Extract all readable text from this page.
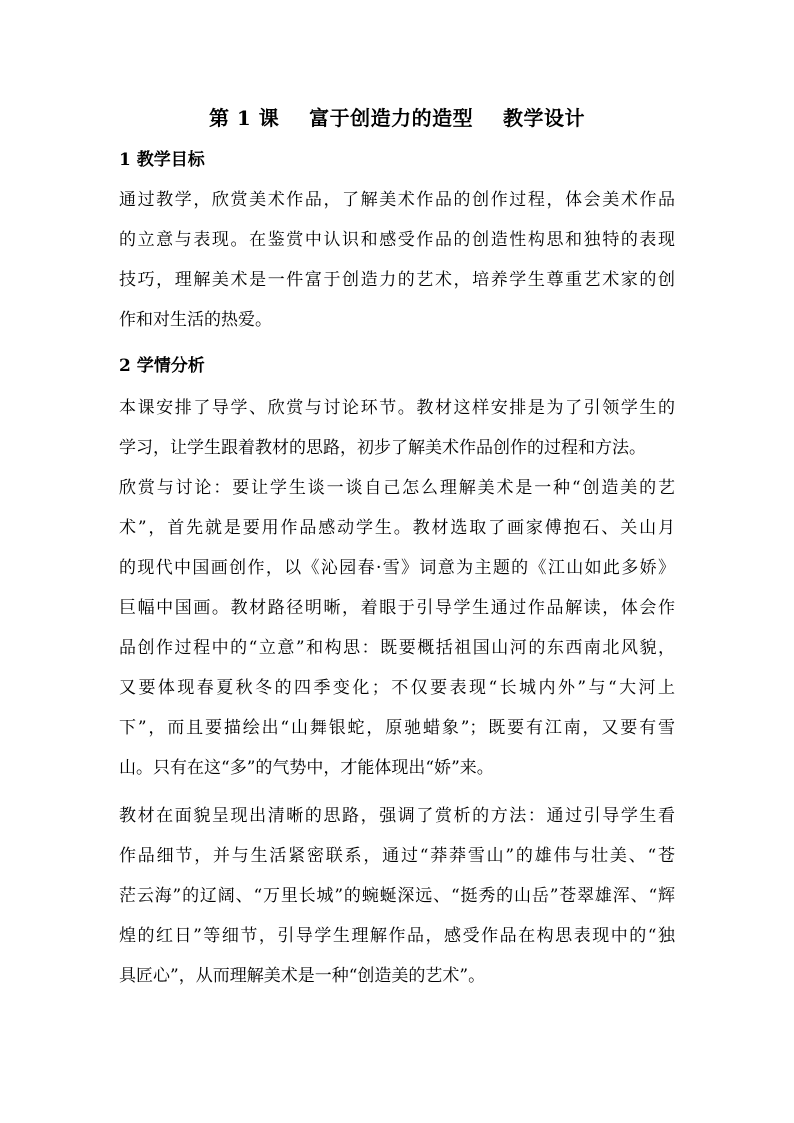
第 1 课    富于创造力的造型    教学设计
1 教学目标
通过教学，欣赏美术作品，了解美术作品的创作过程，体会美术作品
的立意与表现。在鉴赏中认识和感受作品的创造性构思和独特的表现
技巧，理解美术是一件富于创造力的艺术，培养学生尊重艺术家的创
作和对生活的热爱。
2 学情分析
本课安排了导学、欣赏与讨论环节。教材这样安排是为了引领学生的
学习，让学生跟着教材的思路，初步了解美术作品创作的过程和方法。
欣赏与讨论：要让学生谈一谈自己怎么理解美术是一种“创造美的艺
术”，首先就是要用作品感动学生。教材选取了画家傅抱石、关山月
的现代中国画创作，以《沁园春·雪》词意为主题的《江山如此多娇》
巨幅中国画。教材路径明晰，着眼于引导学生通过作品解读，体会作
品创作过程中的“立意”和构思：既要概括祖国山河的东西南北风貌，
又要体现春夏秋冬的四季变化；不仅要表现“长城内外”与“大河上
下”，而且要描绘出“山舞银蛇，原驰蜡象”；既要有江南，又要有雪
山。只有在这“多”的气势中，才能体现出“娇”来。
教材在面貌呈现出清晰的思路，强调了赏析的方法：通过引导学生看
作品细节，并与生活紧密联系，通过“莽莽雪山”的雄伟与壮美、“苍
茫云海”的辽阔、“万里长城”的蜿蜒深远、“挺秀的山岳”苍翠雄浑、“辉
煌的红日”等细节，引导学生理解作品，感受作品在构思表现中的“独
具匠心”，从而理解美术是一种“创造美的艺术”。
